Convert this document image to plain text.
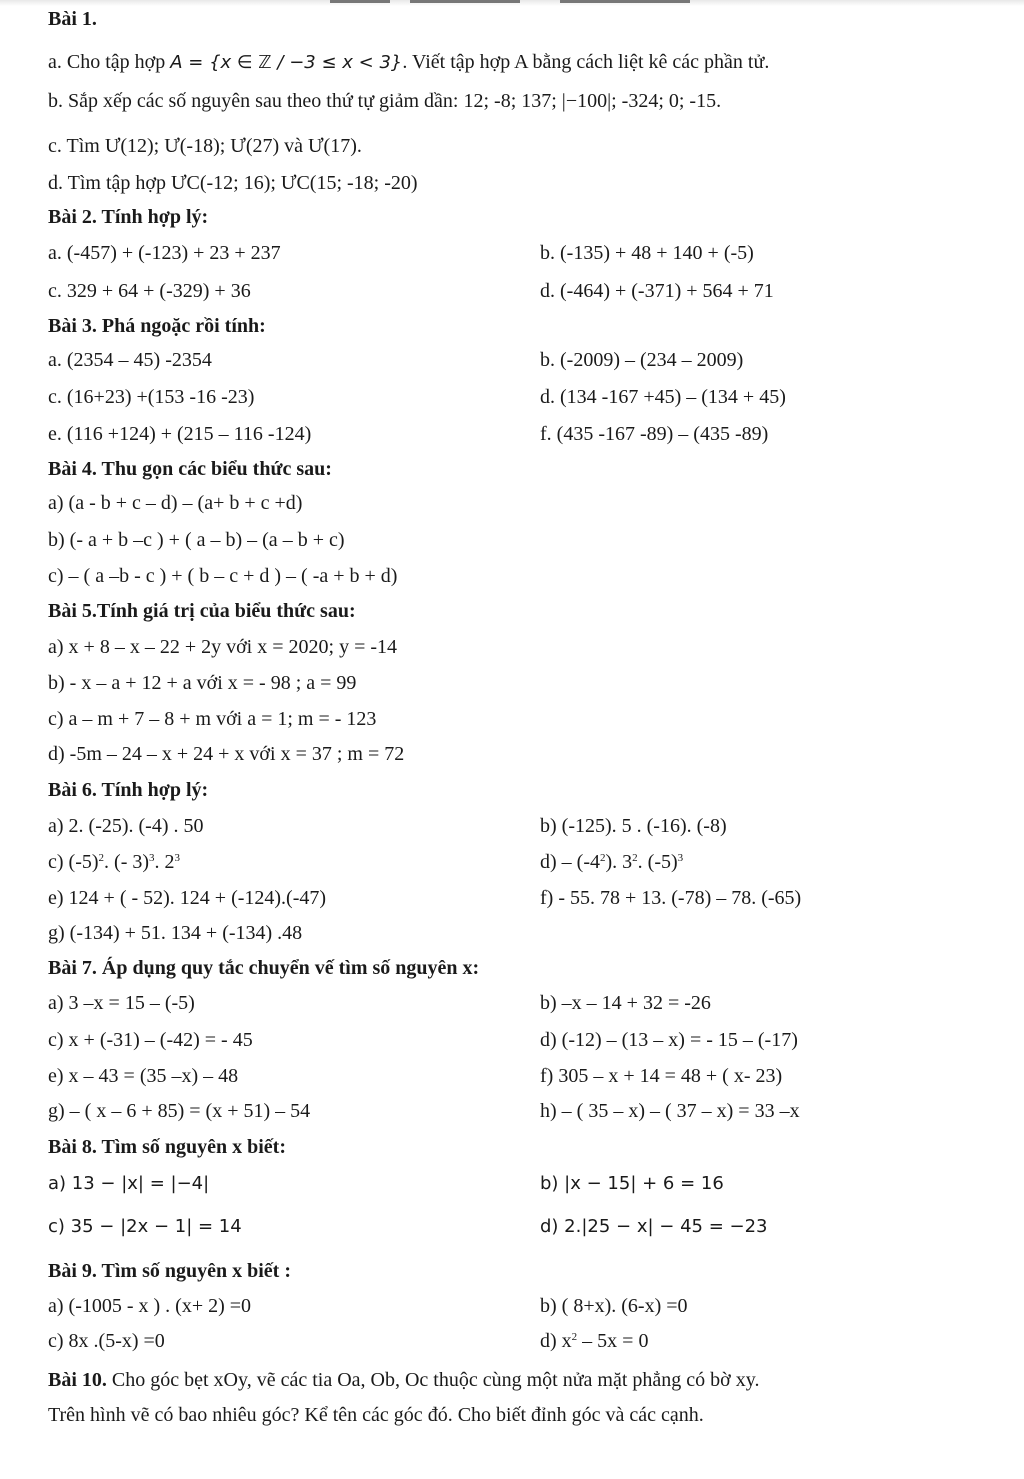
Bài 1.
a. Cho tập hợp A = {x ∈ ℤ / −3 ≤ x < 3}. Viết tập hợp A bằng cách liệt kê các phần tử.
b. Sắp xếp các số nguyên sau theo thứ tự giảm dần: 12; -8; 137; |−100|; -324; 0; -15.
c. Tìm Ư(12); Ư(-18); Ư(27) và Ư(17).
d. Tìm tập hợp ƯC(-12; 16); ƯC(15; -18; -20)
Bài 2. Tính hợp lý:
a. (-457) + (-123) + 23 + 237	b. (-135) + 48 + 140 + (-5)
c. 329 + 64 + (-329) + 36	d. (-464) + (-371) + 564 + 71
Bài 3. Phá ngoặc rồi tính:
a. (2354 – 45) -2354	b. (-2009) – (234 – 2009)
c. (16+23) +(153 -16 -23)	d. (134 -167 +45) – (134 + 45)
e. (116 +124) + (215 – 116 -124)	f. (435 -167 -89) – (435 -89)
Bài 4. Thu gọn các biểu thức sau:
a) (a - b + c – d) – (a+ b + c +d)
b) (- a + b –c ) + ( a – b) – (a – b + c)
c) – ( a –b - c ) + ( b – c + d ) – ( -a + b + d)
Bài 5.Tính giá trị của biểu thức sau:
a) x + 8 – x – 22 + 2y với x = 2020; y = -14
b) - x – a + 12 + a với x = - 98 ; a = 99
c) a – m + 7 – 8 + m với a = 1; m = - 123
d) -5m – 24 – x + 24 + x với x = 37 ; m = 72
Bài 6. Tính hợp lý:
a) 2. (-25). (-4) . 50	b) (-125). 5 . (-16). (-8)
c) $(-5)^2$. (- 3)$^3$. $2^3$	$d) - (-4^2)$. $3^2$. $(-5)^3$
e) 124 + ( - 52). 124 + (-124).(-47)	f) - 55. 78 + 13. (-78) – 78. (-65)
g) (-134) + 51. 134 + (-134) .48
Bài 7. Áp dụng quy tắc chuyển vế tìm số nguyên x:
a) 3 –x = 15 – (-5)	b) –x – 14 + 32 = -26
c) x + (-31) – (-42) = - 45	d) (-12) – (13 – x) = - 15 – (-17)
e) x – 43 = (35 –x) – 48	f) 305 – x + 14 = 48 + ( x- 23)
g) – ( x – 6 + 85) = (x + 51) – 54	h) – ( 35 – x) – ( 37 – x) = 33 –x
Bài 8. Tìm số nguyên x biết:
a) 13 − |x| = |−4|	b) |x − 15| + 6 = 16
c) 35 − |2x − 1| = 14	d) 2.|25 − x| − 45 = −23
Bài 9. Tìm số nguyên x biết :
a) (-1005 - x ) . (x+ 2) =0	b) ( 8+x). (6-x) =0
c) 8x .(5-x) =0	d) $x^2 - 5x = 0$
Bài 10. Cho góc bẹt xOy, vẽ các tia Oa, Ob, Oc thuộc cùng một nửa mặt phẳng có bờ xy.
Trên hình vẽ có bao nhiêu góc? Kể tên các góc đó. Cho biết đỉnh góc và các cạnh.
